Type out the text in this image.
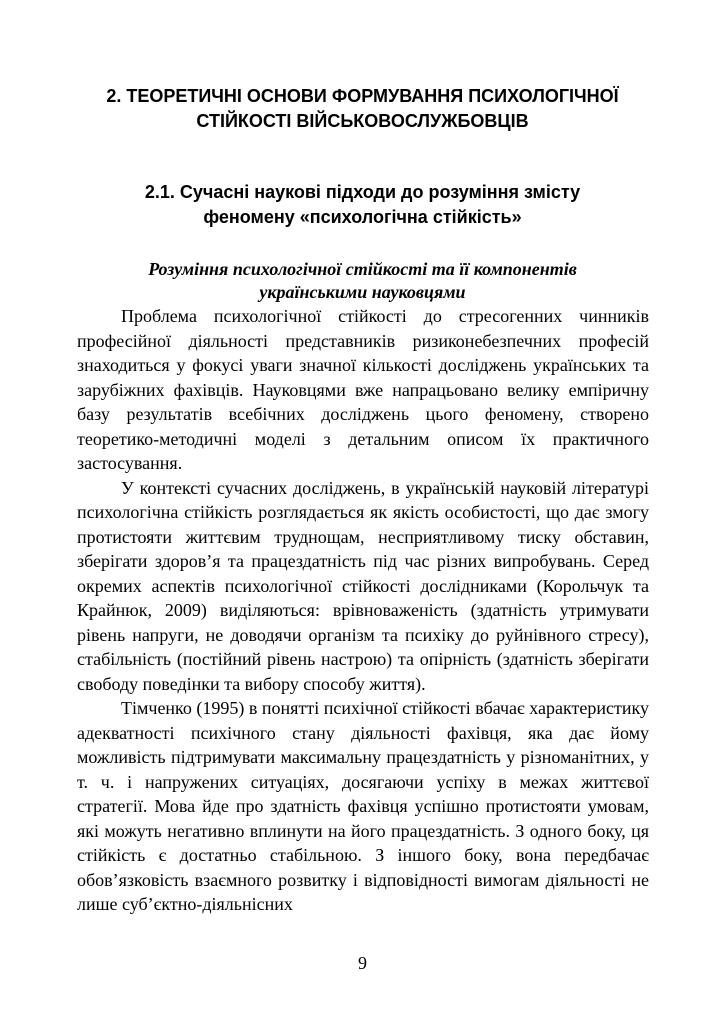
2. ТЕОРЕТИЧНІ ОСНОВИ ФОРМУВАННЯ ПСИХОЛОГІЧНОЇ
СТІЙКОСТІ ВІЙСЬКОВОСЛУЖБОВЦІВ
2.1. Сучасні наукові підходи до розуміння змісту
феномену «психологічна стійкість»
Розуміння психологічної стійкості та її компонентів
українськими науковцями

Проблема психологічної стійкості до стресогенних чинників професійної діяльності представників ризиконебезпечних професій знаходиться у фокусі уваги значної кількості досліджень українських та зарубіжних фахівців. Науковцями вже напрацьовано велику емпіричну базу результатів всебічних досліджень цього феномену, створено теоретико-методичні моделі з детальним описом їх практичного застосування.

У контексті сучасних досліджень, в українській науковій літературі психологічна стійкість розглядається як якість особистості, що дає змогу протистояти життєвим труднощам, несприятливому тиску обставин, зберігати здоров’я та працездатність під час різних випробувань. Серед окремих аспектів психологічної стійкості дослідниками (Корольчук та Крайнюк, 2009) виділяються: врівноваженість (здатність утримувати рівень напруги, не доводячи організм та психіку до руйнівного стресу), стабільність (постійний рівень настрою) та опірність (здатність зберігати свободу поведінки та вибору способу життя).

Тімченко (1995) в понятті психічної стійкості вбачає характеристику адекватності психічного стану діяльності фахівця, яка дає йому можливість підтримувати максимальну працездатність у різноманітних, у т. ч. і напружених ситуаціях, досягаючи успіху в межах життєвої стратегії. Мова йде про здатність фахівця успішно протистояти умовам, які можуть негативно вплинути на його працездатність. З одного боку, ця стійкість є достатньо стабільною. З іншого боку, вона передбачає обов’язковість взаємного розвитку і відповідності вимогам діяльності не лише суб’єктно-діяльнісних

9
